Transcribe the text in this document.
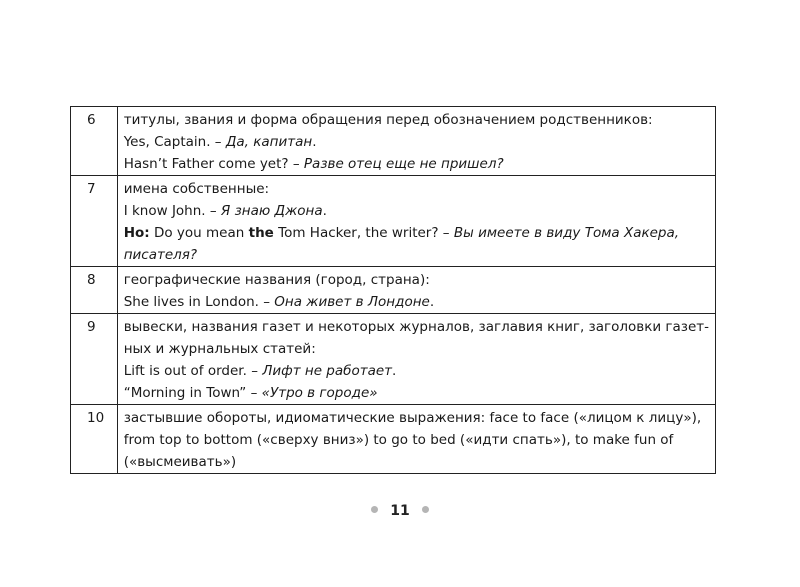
6	титулы, звания и форма обращения перед обозначением родственников:
Yes, Captain. – Да, капитан.
Hasn’t Father come yet? – Разве отец еще не пришел?

7	имена собственные:
I know John. – Я знаю Джона.
Ho: Do you mean the Tom Hacker, the writer? – Вы имеете в виду Тома Хакера,
писателя?

8	географические названия (город, страна):
She lives in London. – Она живет в Лондоне.

9	вывески, названия газет и некоторых журналов, заглавия книг, заголовки газет-
ных и журнальных статей:
Lift is out of order. – Лифт не работает.
“Morning in Town” – «Утро в городе»

10	застывшие обороты, идиоматические выражения: face to face («лицом к лицу»),
from top to bottom («сверху вниз») to go to bed («идти спать»), to make fun of
(«высмеивать»)
11
